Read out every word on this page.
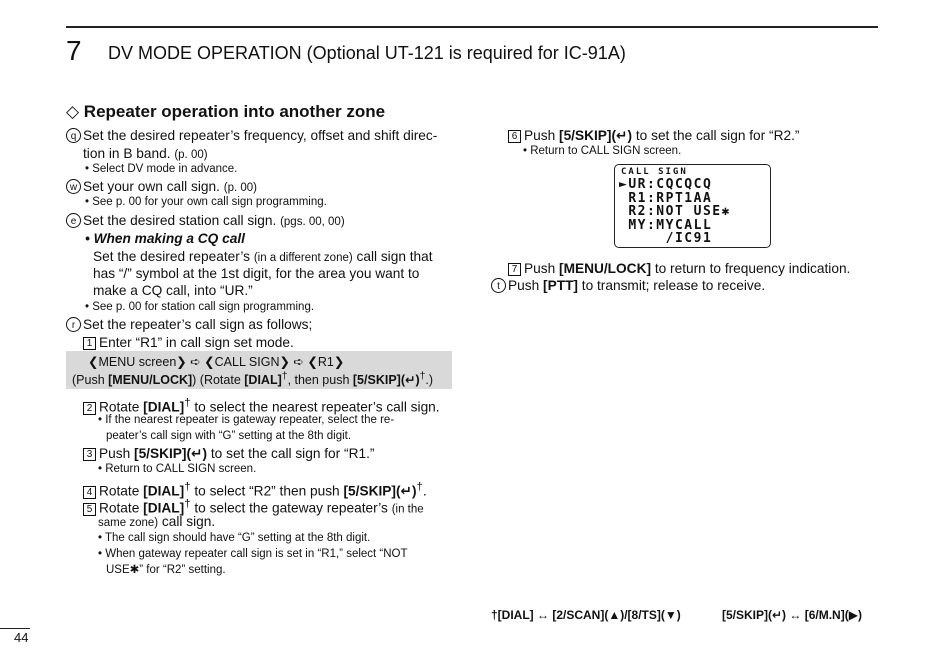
7 DV MODE OPERATION (Optional UT-121 is required for IC-91A)
◇ Repeater operation into another zone
q Set the desired repeater’s frequency, offset and shift direc-
tion in B band. (p. 00)
• Select DV mode in advance.
w Set your own call sign. (p. 00)
• See p. 00 for your own call sign programming.
e Set the desired station call sign. (pgs. 00, 00)
• When making a CQ call
Set the desired repeater’s (in a different zone) call sign that
has “/” symbol at the 1st digit, for the area you want to
make a CQ call, into “UR.”
• See p. 00 for station call sign programming.
r Set the repeater’s call sign as follows;
1 Enter “R1” in call sign set mode.
❮MENU screen❯ ➪ ❮CALL SIGN❯ ➪ ❮R1❯
(Push [MENU/LOCK]) (Rotate [DIAL]†, then push [5/SKIP](↵)†.)
2 Rotate [DIAL]† to select the nearest repeater’s call sign.
• If the nearest repeater is gateway repeater, select the re-
peater’s call sign with “G” setting at the 8th digit.
3 Push [5/SKIP](↵) to set the call sign for “R1.”
• Return to CALL SIGN screen.
4 Rotate [DIAL]† to select “R2” then push [5/SKIP](↵)†.
5 Rotate [DIAL]† to select the gateway repeater’s (in the
same zone) call sign.
• The call sign should have “G” setting at the 8th digit.
• When gateway repeater call sign is set in “R1,” select “NOT
USE✱” for “R2” setting.
6 Push [5/SKIP](↵) to set the call sign for “R2.”
• Return to CALL SIGN screen.
CALL SIGN
►UR:CQCQCQ
R1:RPT1AA
R2:NOT USE✱
MY:MYCALL
/IC91
7 Push [MENU/LOCK] to return to frequency indication.
t Push [PTT] to transmit; release to receive.
†[DIAL] ↔ [2/SCAN](▲)/[8/TS](▼)	[5/SKIP](↵) ↔ [6/M.N](▶)
44
